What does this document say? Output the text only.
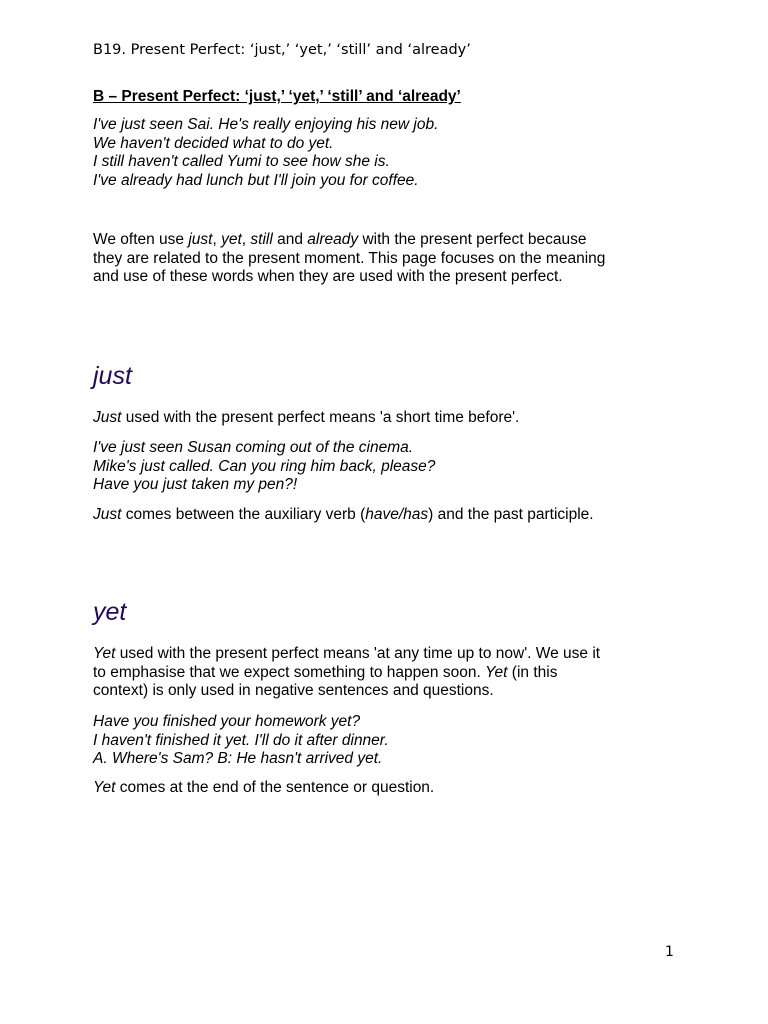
B19. Present Perfect: ‘just,’ ‘yet,’ ‘still’ and ‘already’
B – Present Perfect: ‘just,’ ‘yet,’ ‘still’ and ‘already’
I've just seen Sai. He's really enjoying his new job.
We haven't decided what to do yet.
I still haven't called Yumi to see how she is.
I've already had lunch but I'll join you for coffee.
We often use just, yet, still and already with the present perfect because
they are related to the present moment. This page focuses on the meaning
and use of these words when they are used with the present perfect.
just
Just used with the present perfect means 'a short time before'.
I've just seen Susan coming out of the cinema.
Mike's just called. Can you ring him back, please?
Have you just taken my pen?!
Just comes between the auxiliary verb (have/has) and the past participle.
yet
Yet used with the present perfect means 'at any time up to now'. We use it
to emphasise that we expect something to happen soon. Yet (in this
context) is only used in negative sentences and questions.
Have you finished your homework yet?
I haven't finished it yet. I'll do it after dinner.
A. Where's Sam? B: He hasn't arrived yet.
Yet comes at the end of the sentence or question.
1
